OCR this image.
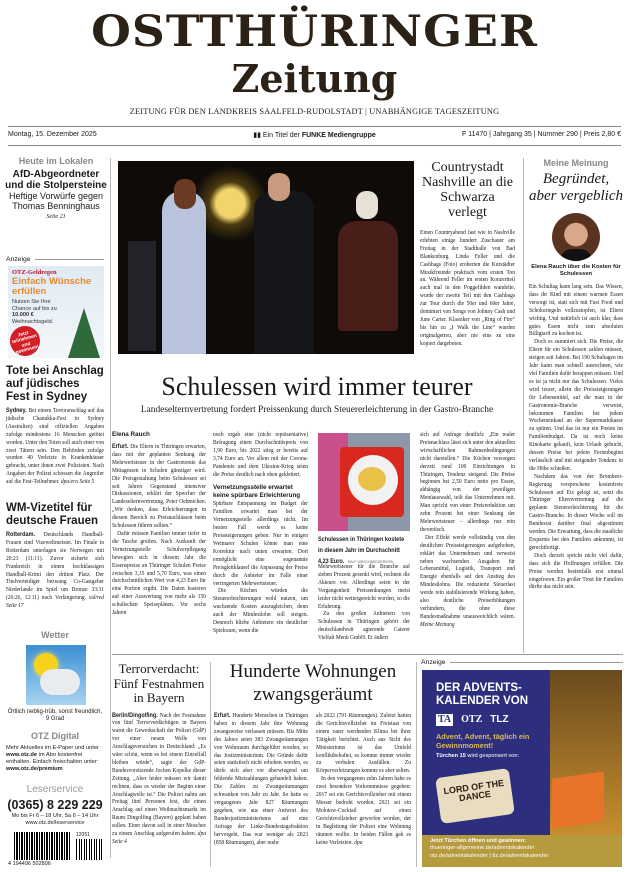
OSTTHÜRINGER
Zeitung
ZEITUNG FÜR DEN LANDKREIS SAALFELD-RUDOLSTADT | UNABHÄNGIGE TAGESZEITUNG
Montag, 15. Dezember 2025	▮▮ Ein Titel der FUNKE Mediengruppe	F 11470 | Jahrgang 35 | Nummer 290 | Preis 2,80 €
Heute im Lokalen
AfD-Abgeordneter und die Stolpersteine
Heftige Vorwürfe gegen Thomas Benninghaus
Seite 21
Anzeige
OTZ-Geldregen
Einfach Wünsche erfüllen
Nutzen Sie Ihre Chance auf bis zu 10.000 € Weihnachtsgeld.
Jetzt teilnehmen und gewinnen!
Tote bei Anschlag auf jüdisches Fest in Sydney
Sydney. Bei einem Terroranschlag auf das jüdische Chanukka-Fest in Sydney (Australien) sind offiziellen Angaben zufolge mindestens 16 Menschen getötet worden. Unter den Toten soll auch einer von zwei Tätern sein. Den Behörden zufolge wurden 40 Verletzte in Krankenhäuser gebracht, unter ihnen zwei Polizisten. Nach Angaben der Polizei schossen die Angreifer auf die Fest-Teilnehmer. dpa/era Seite 5
WM-Vizetitel für deutsche Frauen
Rotterdam. Deutschlands Handball-Frauen sind Vizeweltmeister. Im Finale in Rotterdam unterlagen sie Norwegen mit 20:23 (11:11). Zuvor sicherte sich Frankreich in einem hochklassigen Handball-Krimi den dritten Platz. Der Titelverteidiger bezwang Co-Gastgeber Niederlande im Spiel um Bronze 33:31 (26:26, 12:11) nach Verlängerung. sid/red Seite 17
Wetter
Örtlich neblig-trüb, sonst freundlich, 9 Grad
OTZ Digital
Mehr Aktuelles im E-Paper und unter www.otz.de im Abo kostenfrei enthalten. Einfach freischalten unter: www.otz.de/premium
Leserservice
(0365) 8 229 229
Mo bis Fr 6 – 18 Uhr, Sa 6 – 14 Uhr
www.otz.de/leserservice
12051
4 194496 502806
Countrystadt Nashville an die Schwarza verlegt
Einen Countryabend fast wie in Nashville erlebten einige hundert Zuschauer am Freitag in der Stadthalle von Bad Blankenburg. Linda Feller und die Cashbags (Foto) eroberten die Kurstädter Musikfreunde praktisch vom ersten Ton an. Während Feller im ersten Konzertteil auch mal in den Poggefilden wandelte, wurde der zweite Teil mit den Cashbags zur Tour durch die 50er und 60er Jahre, dominiert von Songs von Johnny Cash und June Carter. Klassiker von „Ring of Fire“ bis hin zu „I Walk the Line“ wurden originalgetreu, aber nie eins zu eins kopiert dargeboten.
Meine Meinung
Begründet, aber vergeblich
Elena Rauch über die Kosten für Schulessen

Ein Schultag kann lang sein. Das Wissen, dass ihr Kind mit einem warmen Essen versorgt ist, statt sich mit Fast Food und Schokoriegeln vollzustopfen, ist Eltern wichtig. Und natürlich ist auch klar, dass gutes Essen nicht zum absoluten Billigtarif zu kochen ist.

Doch es summiert sich. Die Preise, die Eltern für ein Schulessen zahlen müssen, steigen seit Jahren. Bei 190 Schultagen im Jahr kann man schnell ausrechnen, wie viel Familien dafür berappen müssen. Und es ist ja nicht nur das Schulessen. Vieles wird teurer, allein die Preissteigerungen für Lebensmittel, auf die man in der Gastronomie-Branche verweist, bekommen Familien bei jedem Wocheneinkauf an der Supermarktkasse zu spüren. Und das ist nur ein Posten im Familienbudget. Da ist noch keine Kinokarte gekauft, kein Urlaub gebucht, dessen Preise bei jedem Ferienbeginn verlässlich und mit steigender Tendenz in die Höhe schießen.

Nachdem das von der Brombeer-Regierung versprochene kostenfreie Schulessen auf Eis gelegt ist, setzt die Thüringer Elternvertretung auf die geplante Steuererleichterung für die Gastro-Branche. In dieser Woche soll im Bundesrat darüber final abgestimmt werden. Die Erwartung, dass die staatliche Ersparnis bei den Familien ankommt, ist gerechtfertigt.

Doch derzeit spricht nicht viel dafür, dass sich die Hoffnungen erfüllen. Die Preise werden bestenfalls erst einmal eingefroren. Ein großer Trost für Familien dürfte das nicht sein.

Schulessen wird immer teurer
Landeselternvertretung fordert Preissenkung durch Steuererleichterung in der Gastro-Branche
Elena Rauch

Erfurt. Die Eltern in Thüringen erwarten, dass mit der geplanten Senkung der Mehrwertsteuer in der Gastronomie das Mittagessen in Schulen günstiger wird. Die Preisgestaltung beim Schulessen sei seit Jahren Gegenstand intensiver Diskussionen, erklärt der Sprecher der Landeselternvertretung, Peter Oehmichen. „Wir denken, dass Erleichterungen in diesem Bereich zu Preisnachlässen beim Schulessen führen sollten.“

Dafür müssen Familien immer tiefer in die Tasche greifen. Nach Auskunft der Vernetzungsstelle Schulverpflegung bewegten sich in diesem Jahr die Essenspreise an Thüringer Schulen Preise zwischen 3,35 und 5,70 Euro, was einen durchschnittlichen Wert von 4,23 Euro für eine Portion ergibt. Die Daten basieren auf einer Auswertung von mehr als 150 schulischen Speiseplänen. Vor sechs Jahren

noch ergab eine (nicht repräsentative) Befragung einen Durchschnittspreis von 1,90 Euro, bis 2022 stieg er bereits auf 3,74 Euro an. Vor allem mit der Corona-Pandemie und dem Ukraine-Krieg seien die Preise deutlich nach oben geklettert.

Vernetzungsstelle erwartet keine spürbare Erleichterung

Spürbare Entspannung im Budget der Familien erwartet man bei der Vernetzungsstelle allerdings nicht. Im besten Fall werde es keine Preissteigerungen geben. Nur in einigen Weimarer Schulen könne man eine Korrektur nach unten erwarten. Dort ermöglicht eine sogenannte Preisgleitklausel die Anpassung der Preise durch die Anbieter im Falle einer verringerten Mehrwertsteuer.

Die Küchen würden die Steuererleichterungen wohl nutzen, um wachsende Kosten auszugleichen, denn auch der Mindestlohn soll steigen. Dennoch bliebe Anbietern ein deutlicher Spielraum, wenn die

Schulessen in Thüringen kostete in diesem Jahr im Durchschnitt 4,23 Euro. RALF HIRSCHBERGER/DPA

Mehrwertsteuer für die Branche auf sieben Prozent gesenkt wird, rechnen die Akteure vor. Allerdings seien in der Vergangenheit Preissenkungen meist leider nicht weitergereicht worden, so die Erfahrung.

Zu den großen Anbietern von Schulessen in Thüringen gehört der deutschlandweit agierende Caterer Vielfalt Menü GmbH. Er äußert

sich auf Anfrage deutlich: „Ein realer Preisnachlass lässt sich unter den aktuellen wirtschaftlichen Rahmenbedingungen nicht darstellen.“ Die Küchen versorgen derzeit rund 100 Einrichtungen in Thüringen, Tendenz steigend. Die Preise beginnen bei 2,50 Euro netto pro Essen, abhängig von der jeweiligen Menüauswahl, teilt das Unternehmen mit. Man spricht von einer Preisreduktion um zehn Prozent bei einer Senkung der Mehrwertsteuer – allerdings nur rein theoretisch.

Der Effekt werde vollständig von den deutlichen Preissteigerungen aufgehoben, erklärt das Unternehmen und verweist neben wachsenden Ausgaben für Lebensmittel, Logistik, Transport und Energie ebenfalls auf den Anstieg des Mindestlohns. Die reduzierte Steuerlast werde rein stabilisierende Wirkung haben, also deutliche Preiserhöhungen verhindern, die ohne diese Bundesmaßnahme unausweichlich wären. Meine Meinung

Terrorverdacht: Fünf Festnahmen in Bayern
Berlin/Dingolfing. Nach der Festnahme von fünf Terrorverdächtigen in Bayern warnt die Gewerkschaft der Polizei (GdP) vor einer neuen Welle von Anschlagsversuchen in Deutschland: „Es wäre schön, wenn es bei einem Einzelfall bleiben würde“, sagte der GdP-Bundesvorsitzende Jochen Kopelke dieser Zeitung. „Aber leider müssen wir damit rechnen, dass es wieder der Beginn einer Anschlagwelle ist.“ Die Polizei nahm am Freitag fünf Personen fest, die einen Anschlag auf einen Weihnachtsmarkt im Raum Dingolfing (Bayern) geplant haben sollen. Einer davon soll in einer Moschee zu einem Anschlag aufgerufen haben. dpa Seite 4
Hunderte Wohnungen zwangsgeräumt
Erfurt. Hunderte Menschen in Thüringen haben in diesem Jahr ihre Wohnung zwangsweise verlassen müssen. Bis Mitte des Jahres seien 383 Zwangsräumungen von Wohnraum durchgeführt worden, so das Justizministerium. Die Gründe dafür seien statistisch nicht erhoben worden, es dürfe sich aber vor überwiegend um fehlende Mietzahlungen gehandelt haben. Die Zahlen zu Zwangsräumungen schwanken von Jahr zu Jahr. So hatte es vergangenes Jahr 827 Räumungen gegeben, wie aus einer Antwort des Bundesjustizministeriums auf eine Anfrage der Linke-Bundestagsfraktion hervorgeht. Das war weniger als 2023 (858 Räumungen), aber mehr

als 2022 (791 Räumungen). Zuletzt hatten die Gerichtsvollzieher im Freistaat von einem rauer werdenden Klima bei ihrer Tätigkeit berichtet. Auch aus Sicht des Ministeriums ist das Umfeld konfliktbehaftet, es komme immer wieder zu verbalen Ausfällen. Zu Körperverletzungen komme es aber selten.

In den vergangenen zehn Jahren habe es zwei besondere Vorkommnisse gegeben: 2017 sei ein Gerichtsvollzieher mit einem Messer bedroht worden. 2021 sei ein Molotow-Cocktail auf einen Gerichtsvollzieher geworfen worden, der in Begleitung der Polizei eine Wohnung räumen wollte. In beiden Fällen gab es keine Verletzten. dpa

Anzeige
DER ADVENTS-KALENDER VON
TA OTZ TLZ
Advent, Advent, täglich ein Gewinnmoment!
Türchen 15 wird gesponsert von:
LORD OF THE DANCE
Jetzt Türchen öffnen und gewinnen:
thueringer-allgemeine.de/adventskalender
otz.de/adventskalender | tlz.de/adventskalender
